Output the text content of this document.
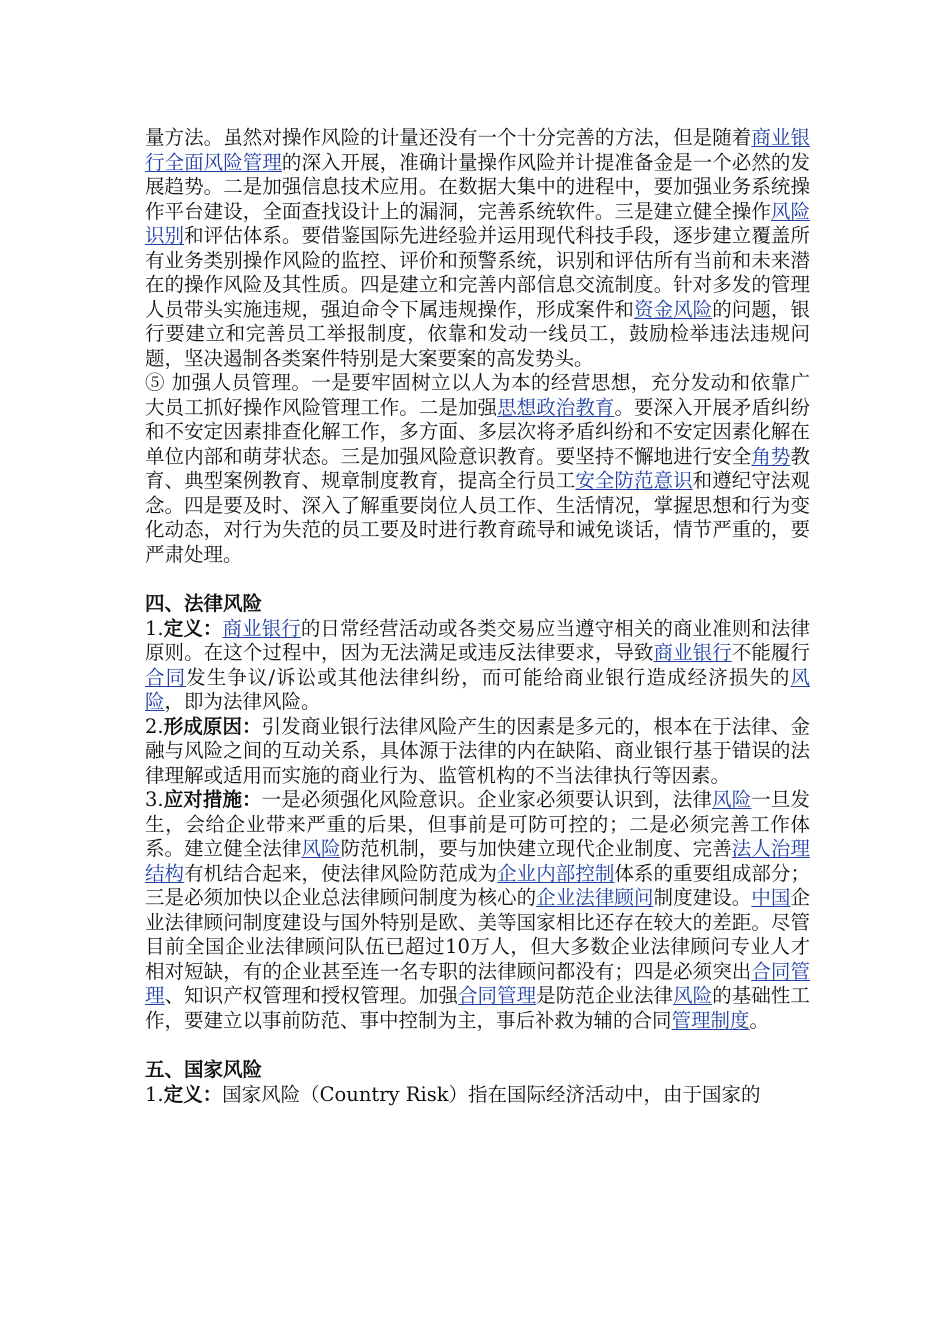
量方法。虽然对操作风险的计量还没有一个十分完善的方法，但是随着商业银行全面风险管理的深入开展，准确计量操作风险并计提准备金是一个必然的发展趋势。二是加强信息技术应用。在数据大集中的进程中，要加强业务系统操作平台建设，全面查找设计上的漏洞，完善系统软件。三是建立健全操作风险识别和评估体系。要借鉴国际先进经验并运用现代科技手段，逐步建立覆盖所有业务类别操作风险的监控、评价和预警系统，识别和评估所有当前和未来潜在的操作风险及其性质。四是建立和完善内部信息交流制度。针对多发的管理人员带头实施违规，强迫命令下属违规操作，形成案件和资金风险的问题，银行要建立和完善员工举报制度，依靠和发动一线员工，鼓励检举违法违规问题，坚决遏制各类案件特别是大案要案的高发势头。

⑤ 加强人员管理。一是要牢固树立以人为本的经营思想，充分发动和依靠广大员工抓好操作风险管理工作。二是加强思想政治教育。要深入开展矛盾纠纷和不安定因素排查化解工作，多方面、多层次将矛盾纠纷和不安定因素化解在单位内部和萌芽状态。三是加强风险意识教育。要坚持不懈地进行安全角势教育、典型案例教育、规章制度教育，提高全行员工安全防范意识和遵纪守法观念。四是要及时、深入了解重要岗位人员工作、生活情况，掌握思想和行为变化动态，对行为失范的员工要及时进行教育疏导和诫免谈话，情节严重的，要严肃处理。

四、法律风险

1.定义：商业银行的日常经营活动或各类交易应当遵守相关的商业准则和法律原则。在这个过程中，因为无法满足或违反法律要求，导致商业银行不能履行合同发生争议/诉讼或其他法律纠纷，而可能给商业银行造成经济损失的风险，即为法律风险。

2.形成原因：引发商业银行法律风险产生的因素是多元的，根本在于法律、金融与风险之间的互动关系，具体源于法律的内在缺陷、商业银行基于错误的法律理解或适用而实施的商业行为、监管机构的不当法律执行等因素。

3.应对措施：一是必须强化风险意识。企业家必须要认识到，法律风险一旦发生，会给企业带来严重的后果，但事前是可防可控的；二是必须完善工作体系。建立健全法律风险防范机制，要与加快建立现代企业制度、完善法人治理结构有机结合起来，使法律风险防范成为企业内部控制体系的重要组成部分；三是必须加快以企业总法律顾问制度为核心的企业法律顾问制度建设。中国企业法律顾问制度建设与国外特别是欧、美等国家相比还存在较大的差距。尽管目前全国企业法律顾问队伍已超过10万人，但大多数企业法律顾问专业人才相对短缺，有的企业甚至连一名专职的法律顾问都没有；四是必须突出合同管理、知识产权管理和授权管理。加强合同管理是防范企业法律风险的基础性工作，要建立以事前防范、事中控制为主，事后补救为辅的合同管理制度。

五、国家风险

1.定义：国家风险（Country Risk）指在国际经济活动中，由于国家的
